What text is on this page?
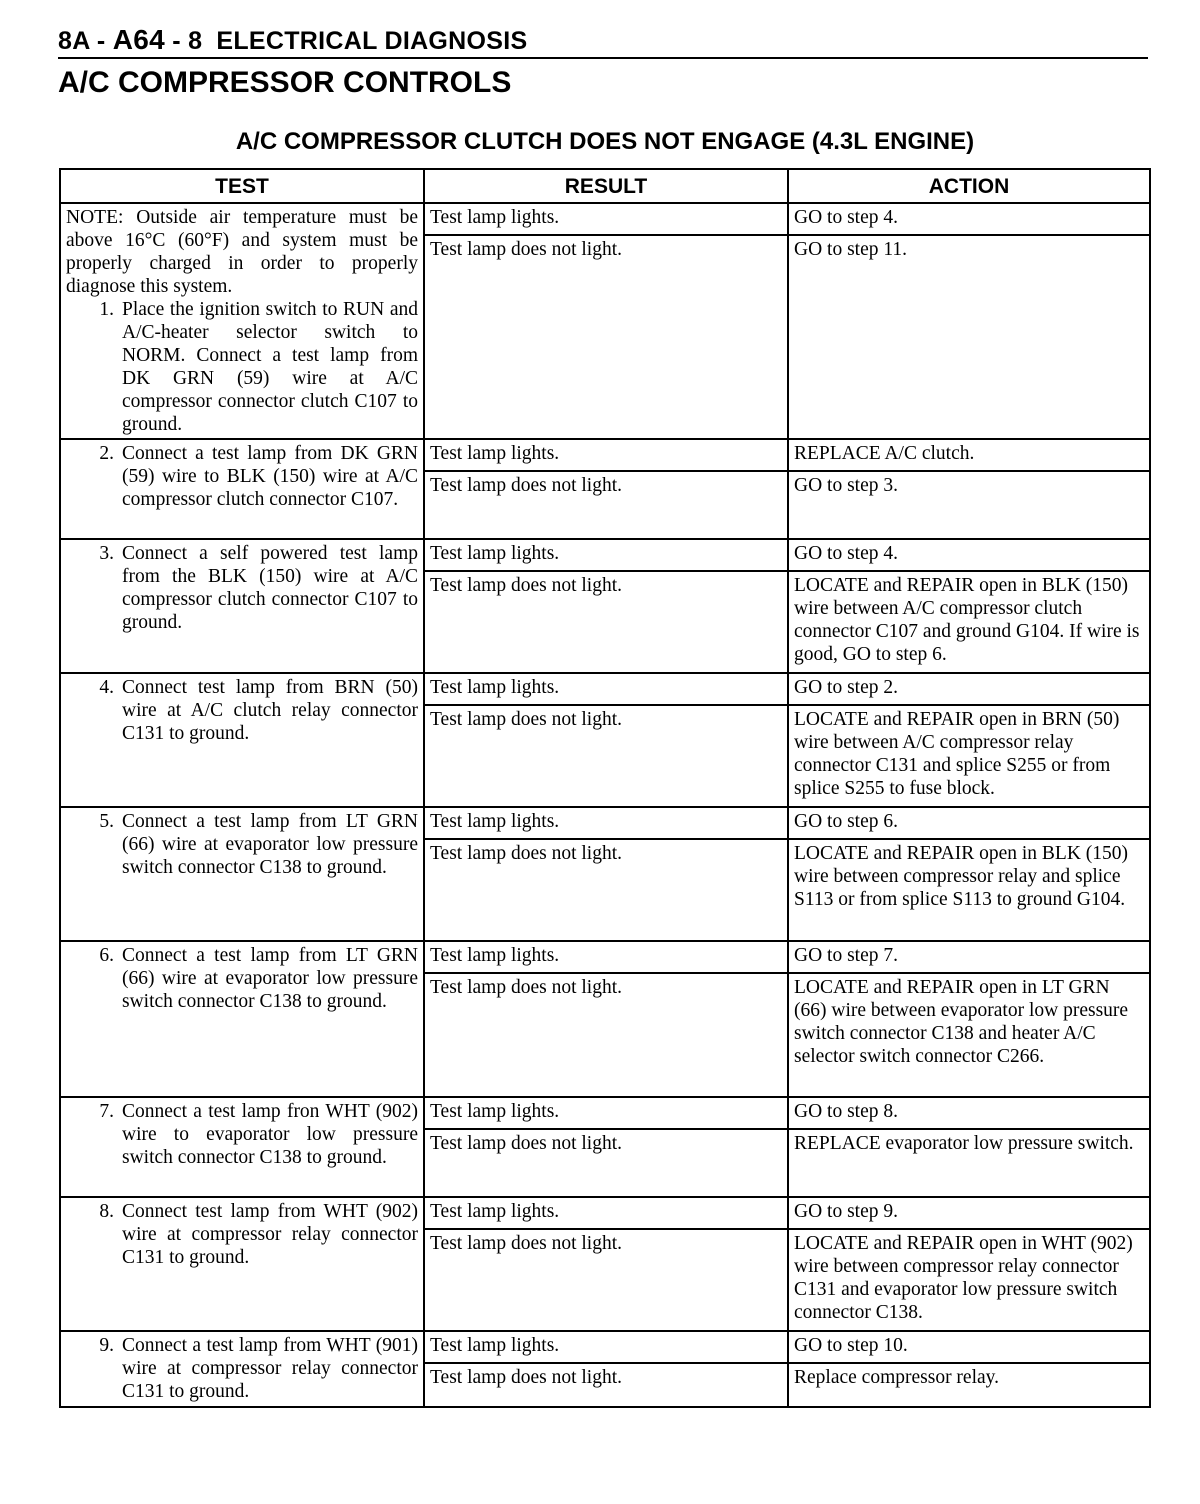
8A - A64 - 8 ELECTRICAL DIAGNOSIS
A/C COMPRESSOR CONTROLS
A/C COMPRESSOR CLUTCH DOES NOT ENGAGE (4.3L ENGINE)
TEST	RESULT	ACTION

NOTE: Outside air temperature must be above 16°C (60°F) and system must be properly charged in order to properly diagnose this system.
1. Place the ignition switch to RUN and A/C-heater selector switch to NORM. Connect a test lamp from DK GRN (59) wire at A/C compressor connector clutch C107 to ground.	Test lamp lights.	GO to step 4.
	Test lamp does not light.	GO to step 11.

2. Connect a test lamp from DK GRN (59) wire to BLK (150) wire at A/C compressor clutch connector C107.	Test lamp lights.	REPLACE A/C clutch.
	Test lamp does not light.	GO to step 3.

3. Connect a self powered test lamp from the BLK (150) wire at A/C compressor clutch connector C107 to ground.	Test lamp lights.	GO to step 4.
	Test lamp does not light.	LOCATE and REPAIR open in BLK (150) wire between A/C compressor clutch connector C107 and ground G104. If wire is good, GO to step 6.

4. Connect test lamp from BRN (50) wire at A/C clutch relay connector C131 to ground.	Test lamp lights.	GO to step 2.
	Test lamp does not light.	LOCATE and REPAIR open in BRN (50) wire between A/C compressor relay connector C131 and splice S255 or from splice S255 to fuse block.

5. Connect a test lamp from LT GRN (66) wire at evaporator low pressure switch connector C138 to ground.	Test lamp lights.	GO to step 6.
	Test lamp does not light.	LOCATE and REPAIR open in BLK (150) wire between compressor relay and splice S113 or from splice S113 to ground G104.

6. Connect a test lamp from LT GRN (66) wire at evaporator low pressure switch connector C138 to ground.	Test lamp lights.	GO to step 7.
	Test lamp does not light.	LOCATE and REPAIR open in LT GRN (66) wire between evaporator low pressure switch connector C138 and heater A/C selector switch connector C266.

7. Connect a test lamp fron WHT (902) wire to evaporator low pressure switch connector C138 to ground.	Test lamp lights.	GO to step 8.
	Test lamp does not light.	REPLACE evaporator low pressure switch.

8. Connect test lamp from WHT (902) wire at compressor relay connector C131 to ground.	Test lamp lights.	GO to step 9.
	Test lamp does not light.	LOCATE and REPAIR open in WHT (902) wire between compressor relay connector C131 and evaporator low pressure switch connector C138.

9. Connect a test lamp from WHT (901) wire at compressor relay connector C131 to ground.	Test lamp lights.	GO to step 10.
	Test lamp does not light.	Replace compressor relay.
